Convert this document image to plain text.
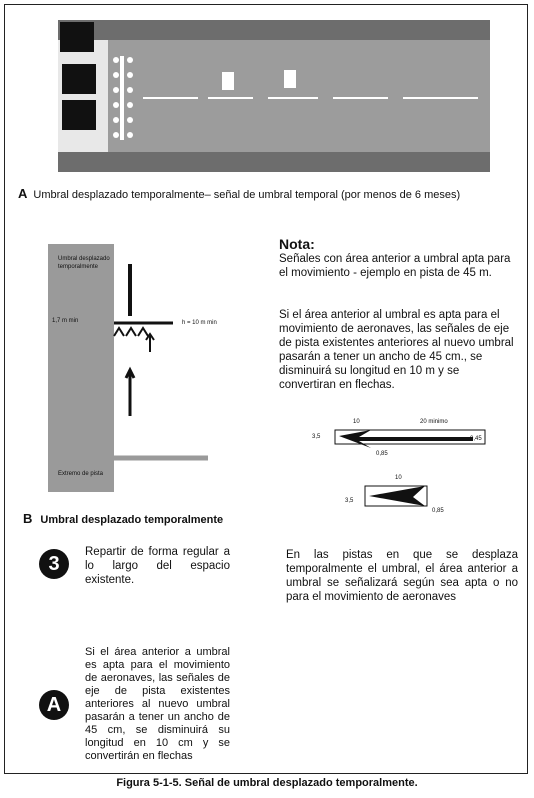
A Umbral desplazado temporalmente– señal de umbral temporal (por menos de 6 meses)
Umbral desplazado temporalmente
1,7 m min	h = 10 m min
Extremo de pista
B Umbral desplazado temporalmente
Nota:
Señales con área anterior a umbral apta para el movimiento - ejemplo en pista de 45 m.
Si el área anterior al umbral es apta para el movimiento de aeronaves, las señales de eje de pista existentes anteriores al nuevo umbral pasarán a tener un ancho de 45 cm., se disminuirá su longitud en 10 m y se convertiran en flechas.
10	20 minimo
3,5
0,85
0,45
10
3,5
0,85
3
Repartir de forma regular a lo largo del espacio existente.
En las pistas en que se desplaza temporalmente el umbral, el área anterior a umbral se señalizará según sea apta o no para el movimiento de aeronaves
A
Si el área anterior a umbral es apta para el movimiento de aeronaves, las señales de eje de pista existentes anteriores al nuevo umbral pasarán a tener un ancho de 45 cm, se disminuirá su longitud en 10 cm y se convertirán en flechas
Figura 5-1-5. Señal de umbral desplazado temporalmente.
